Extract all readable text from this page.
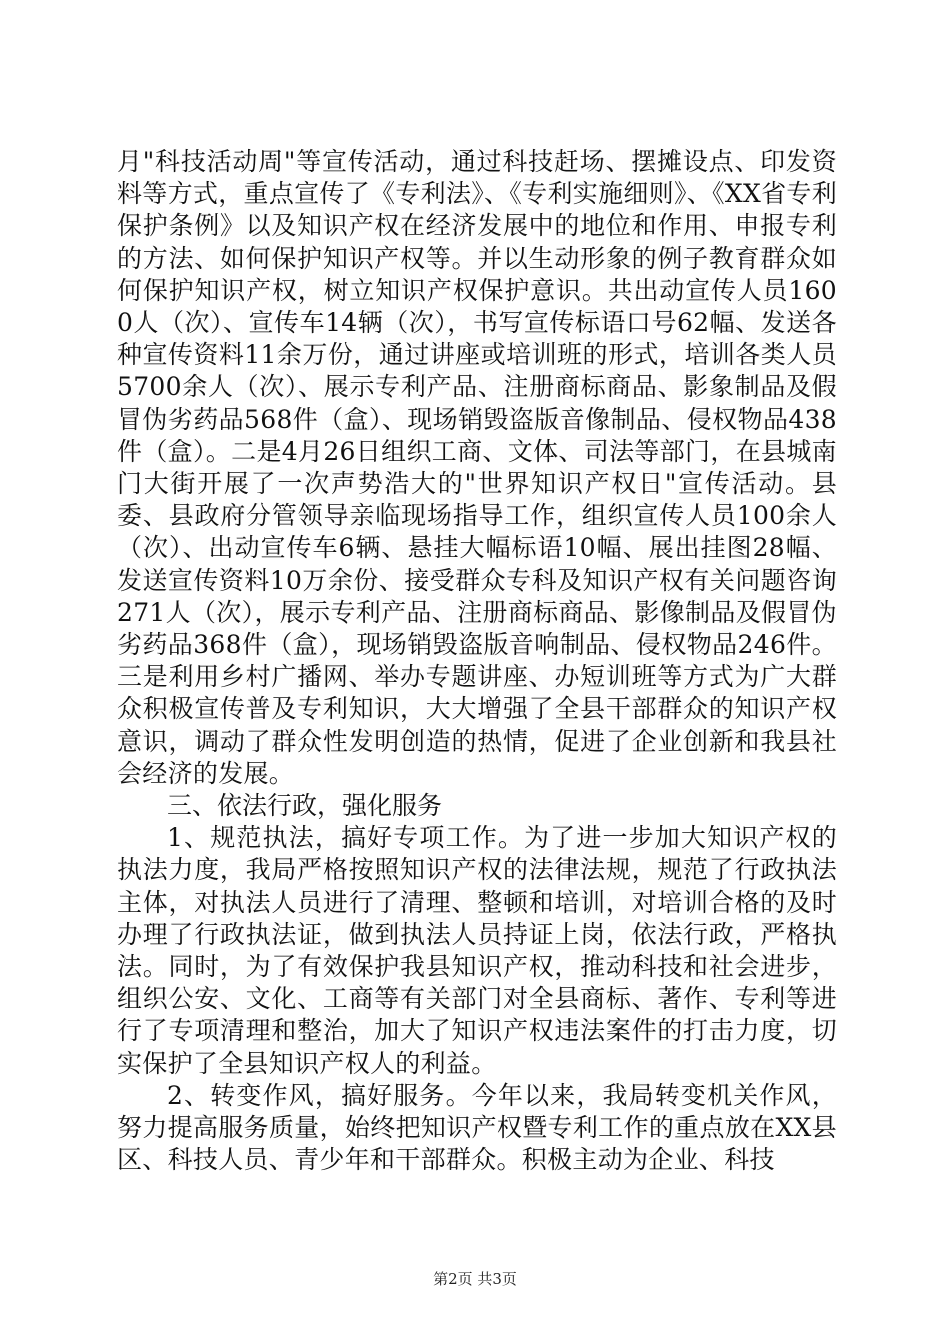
月"科技活动周"等宣传活动，通过科技赶场、摆摊设点、印发资料等方式，重点宣传了《专利法》、《专利实施细则》、《XX省专利保护条例》以及知识产权在经济发展中的地位和作用、申报专利的方法、如何保护知识产权等。并以生动形象的例子教育群众如何保护知识产权，树立知识产权保护意识。共出动宣传人员1600人（次）、宣传车14辆（次），书写宣传标语口号62幅、发送各种宣传资料11余万份，通过讲座或培训班的形式，培训各类人员5700余人（次）、展示专利产品、注册商标商品、影象制品及假冒伪劣药品568件（盒）、现场销毁盗版音像制品、侵权物品438件（盒）。二是4月26日组织工商、文体、司法等部门，在县城南门大街开展了一次声势浩大的"世界知识产权日"宣传活动。县委、县政府分管领导亲临现场指导工作，组织宣传人员100余人（次）、出动宣传车6辆、悬挂大幅标语10幅、展出挂图28幅、发送宣传资料10万余份、接受群众专科及知识产权有关问题咨询271人（次），展示专利产品、注册商标商品、影像制品及假冒伪劣药品368件（盒），现场销毁盗版音响制品、侵权物品246件。三是利用乡村广播网、举办专题讲座、办短训班等方式为广大群众积极宣传普及专利知识，大大增强了全县干部群众的知识产权意识，调动了群众性发明创造的热情，促进了企业创新和我县社会经济的发展。

三、依法行政，强化服务

1、规范执法，搞好专项工作。为了进一步加大知识产权的执法力度，我局严格按照知识产权的法律法规，规范了行政执法主体，对执法人员进行了清理、整顿和培训，对培训合格的及时办理了行政执法证，做到执法人员持证上岗，依法行政，严格执法。同时，为了有效保护我县知识产权，推动科技和社会进步，组织公安、文化、工商等有关部门对全县商标、著作、专利等进行了专项清理和整治，加大了知识产权违法案件的打击力度，切实保护了全县知识产权人的利益。

2、转变作风，搞好服务。今年以来，我局转变机关作风，努力提高服务质量，始终把知识产权暨专利工作的重点放在XX县区、科技人员、青少年和干部群众。积极主动为企业、科技

第2页 共3页
